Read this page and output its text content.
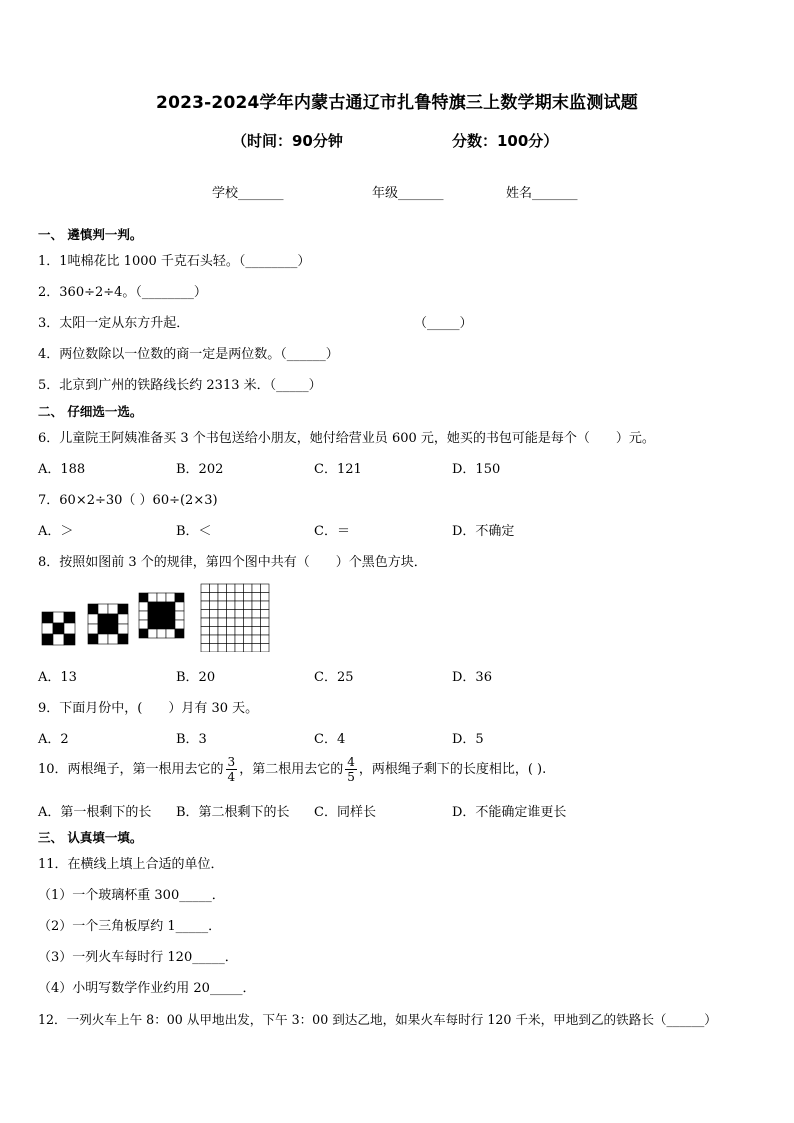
2023-2024学年内蒙古通辽市扎鲁特旗三上数学期末监测试题
（时间：90分钟	分数：100分）
学校_______	年级_______	姓名_______
一、 遴慎判一判。
1．1吨棉花比 1000 千克石头轻。（________）
2．360÷2÷4。（________）
3．太阳一定从东方升起．	（_____）
4．两位数除以一位数的商一定是两位数。（______）
5．北京到广州的铁路线长约 2313 米．（_____）
二、 仔细选一选。
6．儿童院王阿姨准备买 3 个书包送给小朋友，她付给营业员 600 元，她买的书包可能是每个（　　）元。
A．188	B．202	C．121	D．150
7．60×2÷30（ ）60÷(2×3)
A．＞	B．＜	C．＝	D．不确定
8．按照如图前 3 个的规律，第四个图中共有（　　）个黑色方块．
A．13	B．20	C．25	D．36
9．下面月份中，(　　）月有 30 天。
A．2	B．3	C．4	D．5
10．两根绳子，第一根用去它的 $\frac{3}{4}$ ，第二根用去它的 $\frac{4}{5}$ ，两根绳子剩下的长度相比，( ).
A．第一根剩下的长 B．第二根剩下的长 C．同样长	D．不能确定谁更长
三、 认真填一填。
11．在横线上填上合适的单位．
（1）一个玻璃杯重 300_____．
（2）一个三角板厚约 1_____．
（3）一列火车每时行 120_____．
（4）小明写数学作业约用 20_____．
12．一列火车上午 8：00 从甲地出发，下午 3：00 到达乙地，如果火车每时行 120 千米，甲地到乙的铁路长（______）
